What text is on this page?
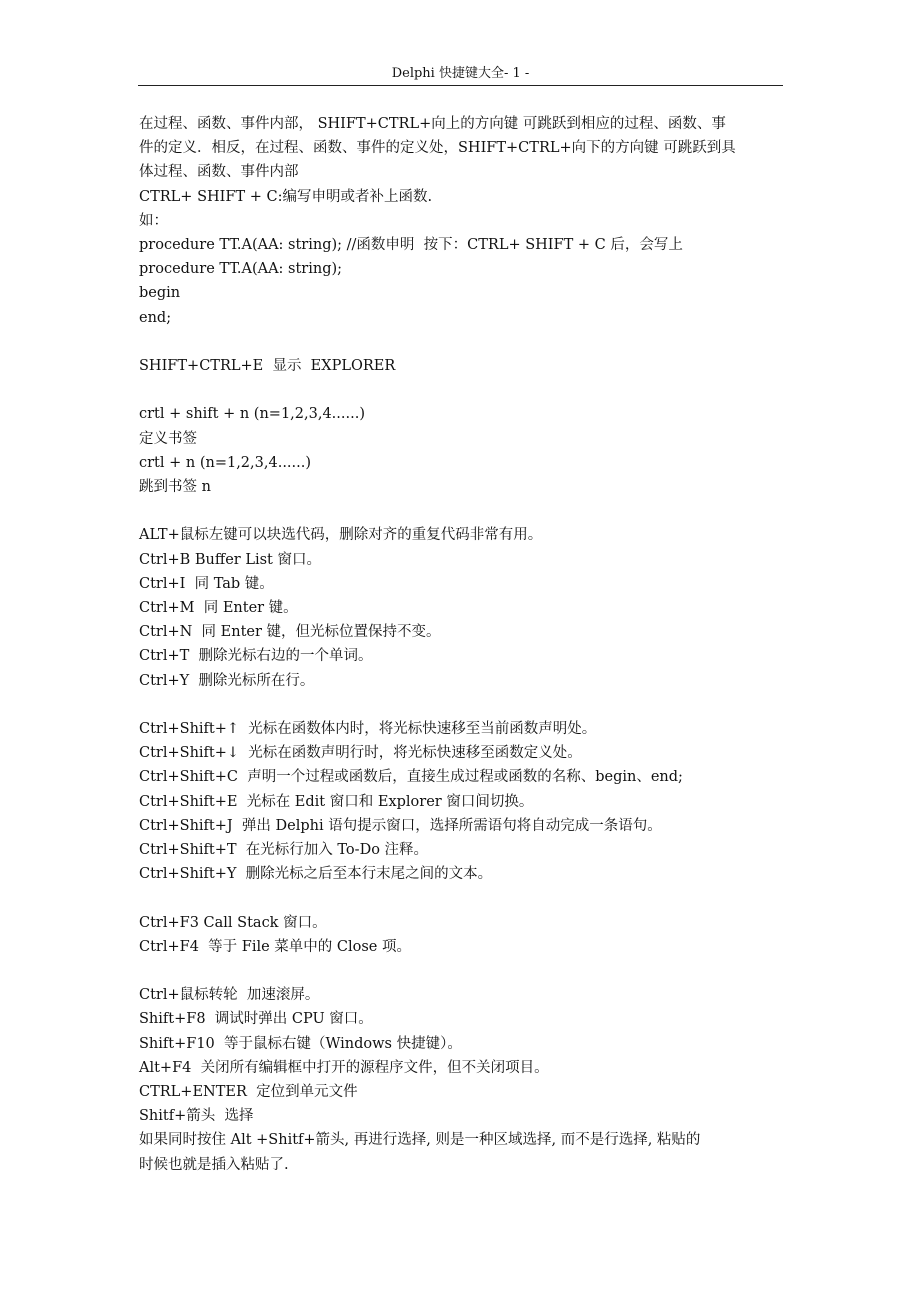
Delphi 快捷键大全- 1 -
在过程、函数、事件内部， SHIFT+CTRL+向上的方向键 可跳跃到相应的过程、函数、事
件的定义．相反，在过程、函数、事件的定义处，SHIFT+CTRL+向下的方向键 可跳跃到具
体过程、函数、事件内部
CTRL+ SHIFT + C:编写申明或者补上函数.
如：
procedure TT.A(AA: string); //函数申明  按下：CTRL+ SHIFT + C 后，会写上
procedure TT.A(AA: string);
begin
end;
SHIFT+CTRL+E  显示  EXPLORER
crtl + shift + n (n=1,2,3,4......)
定义书签
crtl + n (n=1,2,3,4......)
跳到书签 n
ALT+鼠标左键可以块选代码，删除对齐的重复代码非常有用。
Ctrl+B Buffer List 窗口。
Ctrl+I  同 Tab 键。
Ctrl+M  同 Enter 键。
Ctrl+N  同 Enter 键，但光标位置保持不变。
Ctrl+T  删除光标右边的一个单词。
Ctrl+Y  删除光标所在行。
Ctrl+Shift+↑  光标在函数体内时，将光标快速移至当前函数声明处。
Ctrl+Shift+↓  光标在函数声明行时，将光标快速移至函数定义处。
Ctrl+Shift+C  声明一个过程或函数后，直接生成过程或函数的名称、begin、end;
Ctrl+Shift+E  光标在 Edit 窗口和 Explorer 窗口间切换。
Ctrl+Shift+J  弹出 Delphi 语句提示窗口，选择所需语句将自动完成一条语句。
Ctrl+Shift+T  在光标行加入 To-Do 注释。
Ctrl+Shift+Y  删除光标之后至本行末尾之间的文本。
Ctrl+F3 Call Stack 窗口。
Ctrl+F4  等于 File 菜单中的 Close 项。
Ctrl+鼠标转轮  加速滚屏。
Shift+F8  调试时弹出 CPU 窗口。
Shift+F10  等于鼠标右键（Windows 快捷键）。
Alt+F4  关闭所有编辑框中打开的源程序文件，但不关闭项目。
CTRL+ENTER  定位到单元文件
Shitf+箭头  选择
如果同时按住 Alt +Shitf+箭头, 再进行选择, 则是一种区域选择, 而不是行选择, 粘贴的
时候也就是插入粘贴了.
